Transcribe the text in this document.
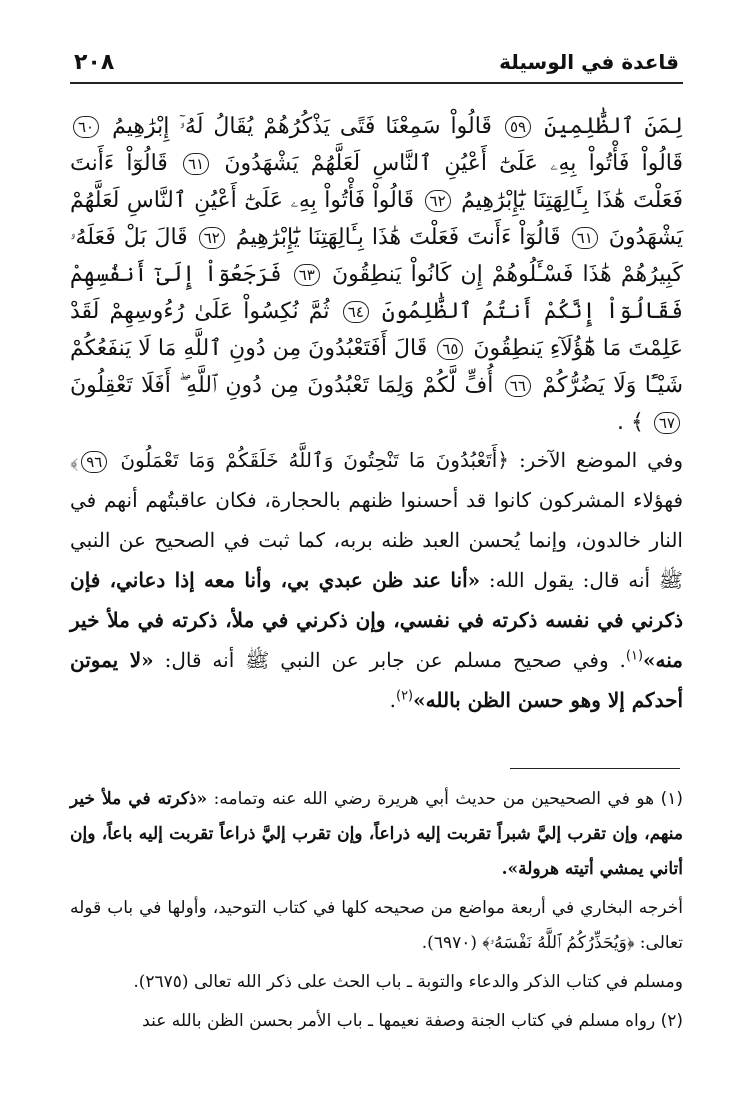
٢٠٨	قاعدة في الوسيلة
لِمَنَ ٱلظَّٰلِمِينَ ٥٩ قَالُواْ سَمِعْنَا فَتًى يَذْكُرُهُمْ يُقَالُ لَهُۥٓ إِبْرَٰهِيمُ ٦٠ قَالُواْ فَأْتُواْ بِهِۦ عَلَىٰٓ أَعْيُنِ ٱلنَّاسِ لَعَلَّهُمْ يَشْهَدُونَ ٦١ قَالُوٓاْ ءَأَنتَ فَعَلْتَ هَٰذَا بِـَٔالِهَتِنَا يَٰٓإِبْرَٰهِيمُ ٦٢ قَالُواْ فَأْتُواْ بِهِۦ عَلَىٰٓ أَعْيُنِ ٱلنَّاسِ لَعَلَّهُمْ يَشْهَدُونَ ٦١ قَالُوٓاْ ءَأَنتَ فَعَلْتَ هَٰذَا بِـَٔالِهَتِنَا يَٰٓإِبْرَٰهِيمُ ٦٢ قَالَ بَلْ فَعَلَهُۥ كَبِيرُهُمْ هَٰذَا فَسْـَٔلُوهُمْ إِن كَانُواْ يَنطِقُونَ ٦٣ فَرَجَعُوٓاْ إِلَىٰٓ أَنفُسِهِمْ فَقَالُوٓاْ إِنَّكُمْ أَنتُمُ ٱلظَّٰلِمُونَ ٦٤ ثُمَّ نُكِسُواْ عَلَىٰ رُءُوسِهِمْ لَقَدْ عَلِمْتَ مَا هَٰٓؤُلَآءِ يَنطِقُونَ ٦٥ قَالَ أَفَتَعْبُدُونَ مِن دُونِ ٱللَّهِ مَا لَا يَنفَعُكُمْ شَيْـًٔا وَلَا يَضُرُّكُمْ ٦٦ أُفٍّ لَّكُمْ وَلِمَا تَعْبُدُونَ مِن دُونِ ٱللَّهِ ۖ أَفَلَا تَعْقِلُونَ ٦٧ ﴾ .
وفي الموضع الآخر: ﴿أَتَعْبُدُونَ مَا تَنْحِتُونَ وَٱللَّهُ خَلَقَكُمْ وَمَا تَعْمَلُونَ ٩٦﴾ فهؤلاء المشركون كانوا قد أحسنوا ظنهم بالحجارة، فكان عاقبتُهم أنهم في النار خالدون، وإنما يُحسن العبد ظنه بربه، كما ثبت في الصحيح عن النبي ﷺ أنه قال: يقول الله: «أنا عند ظن عبدي بي، وأنا معه إذا دعاني، فإن ذكرني في نفسه ذكرته في نفسي، وإن ذكرني في ملأ، ذكرته في ملأ خير منه»$^{(١)}$. وفي صحيح مسلم عن جابر عن النبي ﷺ أنه قال: «لا يموتن أحدكم إلا وهو حسن الظن بالله»$^{(٢)}$.

(١) هو في الصحيحين من حديث أبي هريرة رضي الله عنه وتمامه: «ذكرته في ملأ خير منهم، وإن تقرب إليَّ شبراً تقربت إليه ذراعاً، وإن تقرب إليَّ ذراعاً تقربت إليه باعاً، وإن أتاني يمشي أتيته هرولة».

أخرجه البخاري في أربعة مواضع من صحيحه كلها في كتاب التوحيد، وأولها في باب قوله تعالى: ﴿وَيُحَذِّرُكُمُ ٱللَّهُ نَفْسَهُۥ﴾ (٦٩٧٠).

ومسلم في كتاب الذكر والدعاء والتوبة ـ باب الحث على ذكر الله تعالى (٢٦٧٥).

(٢) رواه مسلم في كتاب الجنة وصفة نعيمها ـ باب الأمر بحسن الظن بالله عند
